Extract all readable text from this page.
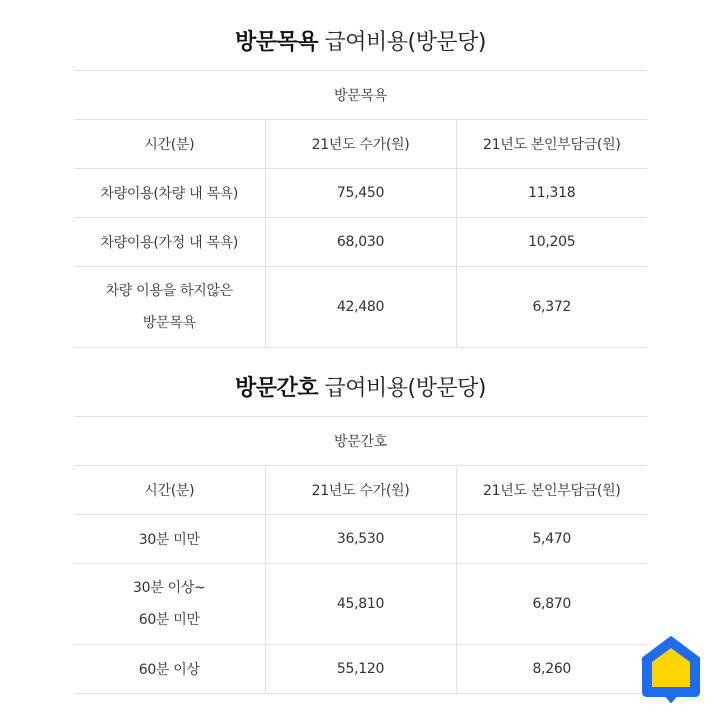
방문목욕 급여비용(방문당)
방문목욕		
시간(분)	21년도 수가(원)	21년도 본인부담금(원)
차량이용(차량 내 목욕)	75,450	11,318
차량이용(가정 내 목욕)	68,030	10,205

차량 이용을 하지않은
방문목욕	42,480	6,372
방문간호 급여비용(방문당)
방문간호		
시간(분)	21년도 수가(원)	21년도 본인부담금(원)
30분 미만	36,530	5,470

30분 이상~
60분 미만	45,810	6,870
60분 이상	55,120	8,260
